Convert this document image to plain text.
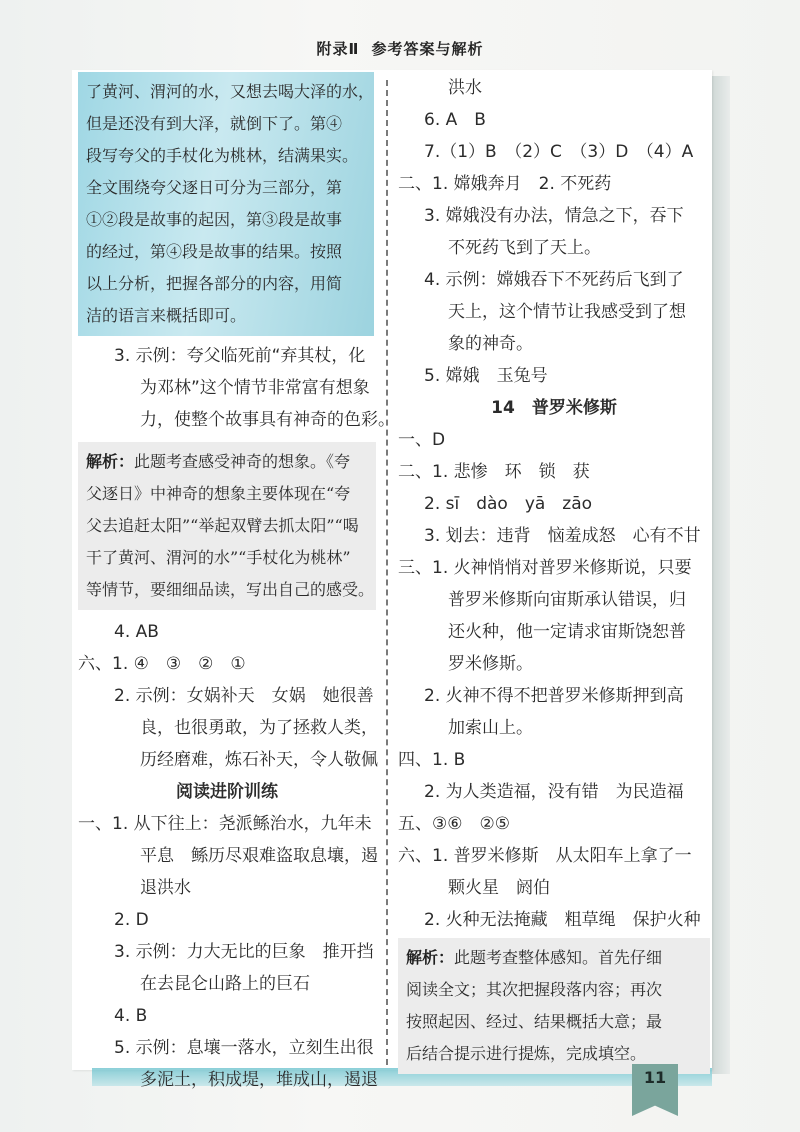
附录Ⅱ 参考答案与解析
了黄河、渭河的水，又想去喝大泽的水，
但是还没有到大泽，就倒下了。第④
段写夸父的手杖化为桃林，结满果实。
全文围绕夸父逐日可分为三部分，第
①②段是故事的起因，第③段是故事
的经过，第④段是故事的结果。按照
以上分析，把握各部分的内容，用简
洁的语言来概括即可。
3. 示例：夸父临死前“弃其杖，化
为邓林”这个情节非常富有想象
力，使整个故事具有神奇的色彩。
解析：此题考查感受神奇的想象。《夸
父逐日》中神奇的想象主要体现在“夸
父去追赶太阳”“举起双臂去抓太阳”“喝
干了黄河、渭河的水”“手杖化为桃林”
等情节，要细细品读，写出自己的感受。
4. AB
六、1. ④　③　②　①
2. 示例：女娲补天　女娲　她很善
良，也很勇敢，为了拯救人类，
历经磨难，炼石补天，令人敬佩
阅读进阶训练
一、1. 从下往上：尧派鲧治水，九年未
平息　鲧历尽艰难盗取息壤，遏
退洪水
2. D
3. 示例：力大无比的巨象　推开挡
在去昆仑山路上的巨石
4. B
5. 示例：息壤一落水，立刻生出很
多泥土，积成堤，堆成山，遏退
洪水
6. A　B
7.（1）B　（2）C　（3）D　（4）A
二、1. 嫦娥奔月　2. 不死药
3. 嫦娥没有办法，情急之下，吞下
不死药飞到了天上。
4. 示例：嫦娥吞下不死药后飞到了
天上，这个情节让我感受到了想
象的神奇。
5. 嫦娥　玉兔号
14　普罗米修斯
一、D
二、1. 悲惨　环　锁　获
2. sī　dào　yā　zāo
3. 划去：违背　恼羞成怒　心有不甘
三、1. 火神悄悄对普罗米修斯说，只要
普罗米修斯向宙斯承认错误，归
还火种，他一定请求宙斯饶恕普
罗米修斯。
2. 火神不得不把普罗米修斯押到高
加索山上。
四、1. B
2. 为人类造福，没有错　为民造福
五、③⑥　②⑤
六、1. 普罗米修斯　从太阳车上拿了一
颗火星　阏伯
2. 火种无法掩藏　粗草绳　保护火种
解析：此题考查整体感知。首先仔细
阅读全文；其次把握段落内容；再次
按照起因、经过、结果概括大意；最
后结合提示进行提炼，完成填空。
11
